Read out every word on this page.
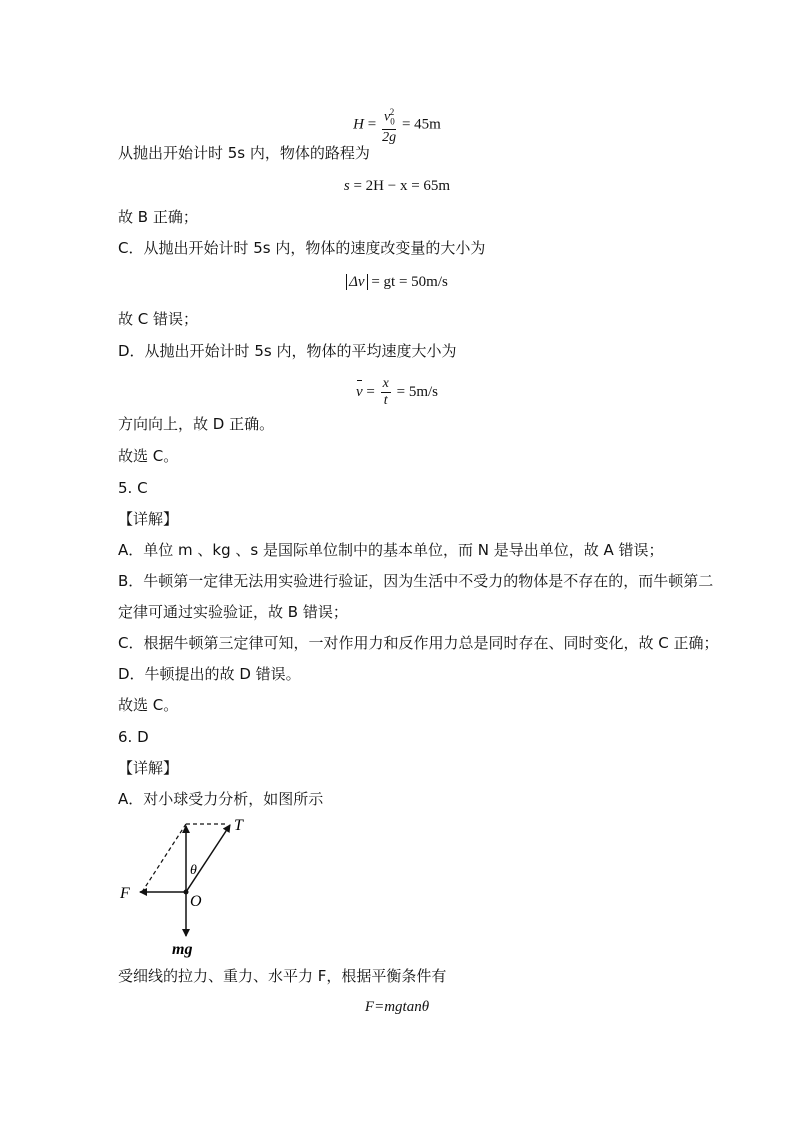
$H = \frac{v_0^2}{2g} = 45m$
从抛出开始计时 5s 内，物体的路程为
s = 2H − x = 65m
故 B 正确；
C．从抛出开始计时 5s 内，物体的速度改变量的大小为
Δv = gt = 50m/s
故 C 错误；
D．从抛出开始计时 5s 内，物体的平均速度大小为
$v = \frac{x}{t} = 5m/s$
方向向上，故 D 正确。
故选 C。
5. C
【详解】
A．单位 m 、kg 、s 是国际单位制中的基本单位，而 N 是导出单位，故 A 错误；
B．牛顿第一定律无法用实验进行验证，因为生活中不受力的物体是不存在的，而牛顿第二
定律可通过实验验证，故 B 错误；
C．根据牛顿第三定律可知，一对作用力和反作用力总是同时存在、同时变化，故 C 正确；
D．牛顿提出的故 D 错误。
故选 C。
6. D
【详解】
A．对小球受力分析，如图所示
T
θ
F	O
mg
受细线的拉力、重力、水平力 F，根据平衡条件有
F=mgtanθ
